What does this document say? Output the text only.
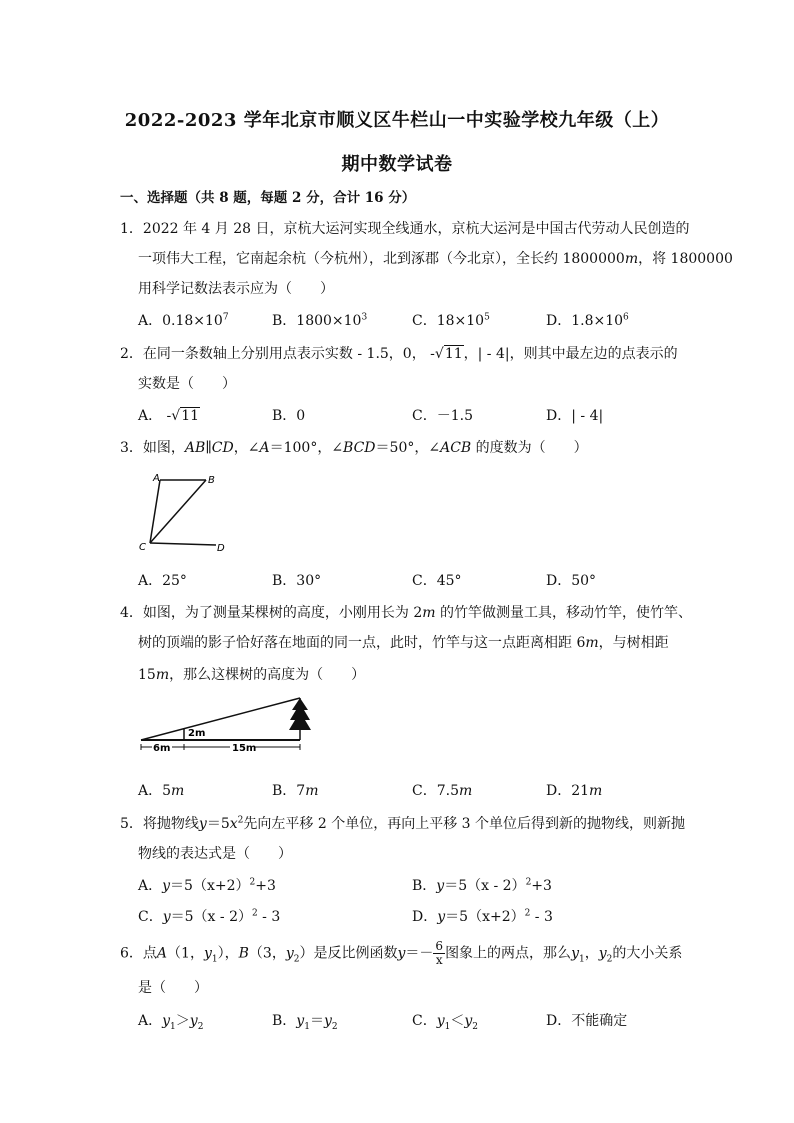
2022-2023 学年北京市顺义区牛栏山一中实验学校九年级（上）
期中数学试卷
一、选择题（共 8 题，每题 2 分，合计 16 分）
1．2022 年 4 月 28 日，京杭大运河实现全线通水，京杭大运河是中国古代劳动人民创造的
一项伟大工程，它南起余杭（今杭州），北到涿郡（今北京），全长约 1800000m，将 1800000
用科学记数法表示应为（　　）
A．$0.18\times 10^7$	B．$1800\times 10^3$	C．$18\times 10^5$	D．$1.8\times 10^6$
2．在同一条数轴上分别用点表示实数 - 1.5，0， -√11，| - 4|，则其中最左边的点表示的
实数是（　　）
A． -√11	B．0	C．－1.5	D．| - 4|
3．如图，AB∥CD，∠A＝100°，∠BCD＝50°，∠ACB 的度数为（　　）
A	B
C	D
A．25°	B．30°	C．45°	D．50°
4．如图，为了测量某棵树的高度，小刚用长为 2m 的竹竿做测量工具，移动竹竿，使竹竿、
树的顶端的影子恰好落在地面的同一点，此时，竹竿与这一点距离相距 6m，与树相距
15m，那么这棵树的高度为（　　）
2m
6m	15m
A．5m	B．7m	C．7.5m	D．21m
5．将抛物线$y=5x^2$先向左平移 2 个单位，再向上平移 3 个单位后得到新的抛物线，则新抛
物线的表达式是（　　）
A．$y=5(x+2)^2+3$	B．y＝5（x - 2）$^2$+3
C．y＝5（x - 2）$^2$ - 3	D．$y=5(x+2)^2 - 3$
6．点A（1，$y_1$），B（3，$y_2$）是反比例函数$y=- \frac{6}{x}$ 图象上的两点，那么$y_1$，$y_2$的大小关系
是（　　）
A．$y_1>y_2$	B．$y_1=y_2$	C．$y_1<y_2$	D．不能确定
